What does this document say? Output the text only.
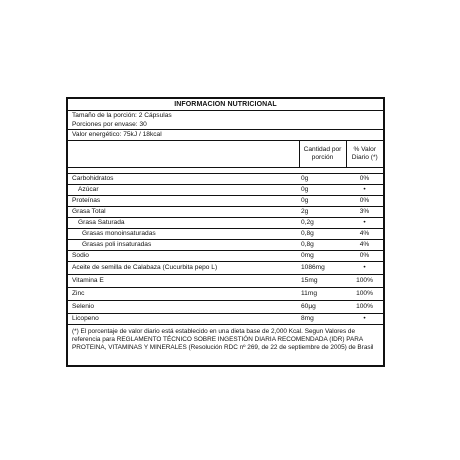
INFORMACION NUTRICIONAL
Tamaño de la porción: 2 Cápsulas
Porciones por envase: 30
Valor energético: 75kJ / 18kcal
	Cantidad por porción	% Valor Diario (*)

Carbohidratos	0g	0%
Azúcar	0g	•
Proteínas	0g	0%
Grasa Total	2g	3%
Grasa Saturada	0,2g	•
Grasas monoinsaturadas	0,8g	4%
Grasas poli insaturadas	0,8g	4%
Sodio	0mg	0%
Aceite de semilla de Calabaza (Cucurbita pepo L)	1086mg	•
Vitamina E	15mg	100%
Zinc	11mg	100%
Selenio	60µg	100%
Licopeno	8mg	•
(*) El porcentaje de valor diario está establecido en una dieta base de 2,000 Kcal. Segun Valores de referencia para REGLAMENTO TÉCNICO SOBRE INGESTIÓN DIARIA RECOMENDADA (IDR) PARA PROTEINA, VITAMINAS Y MINERALES (Resolución RDC nº 269, de 22 de septiembre de 2005) de Brasil
